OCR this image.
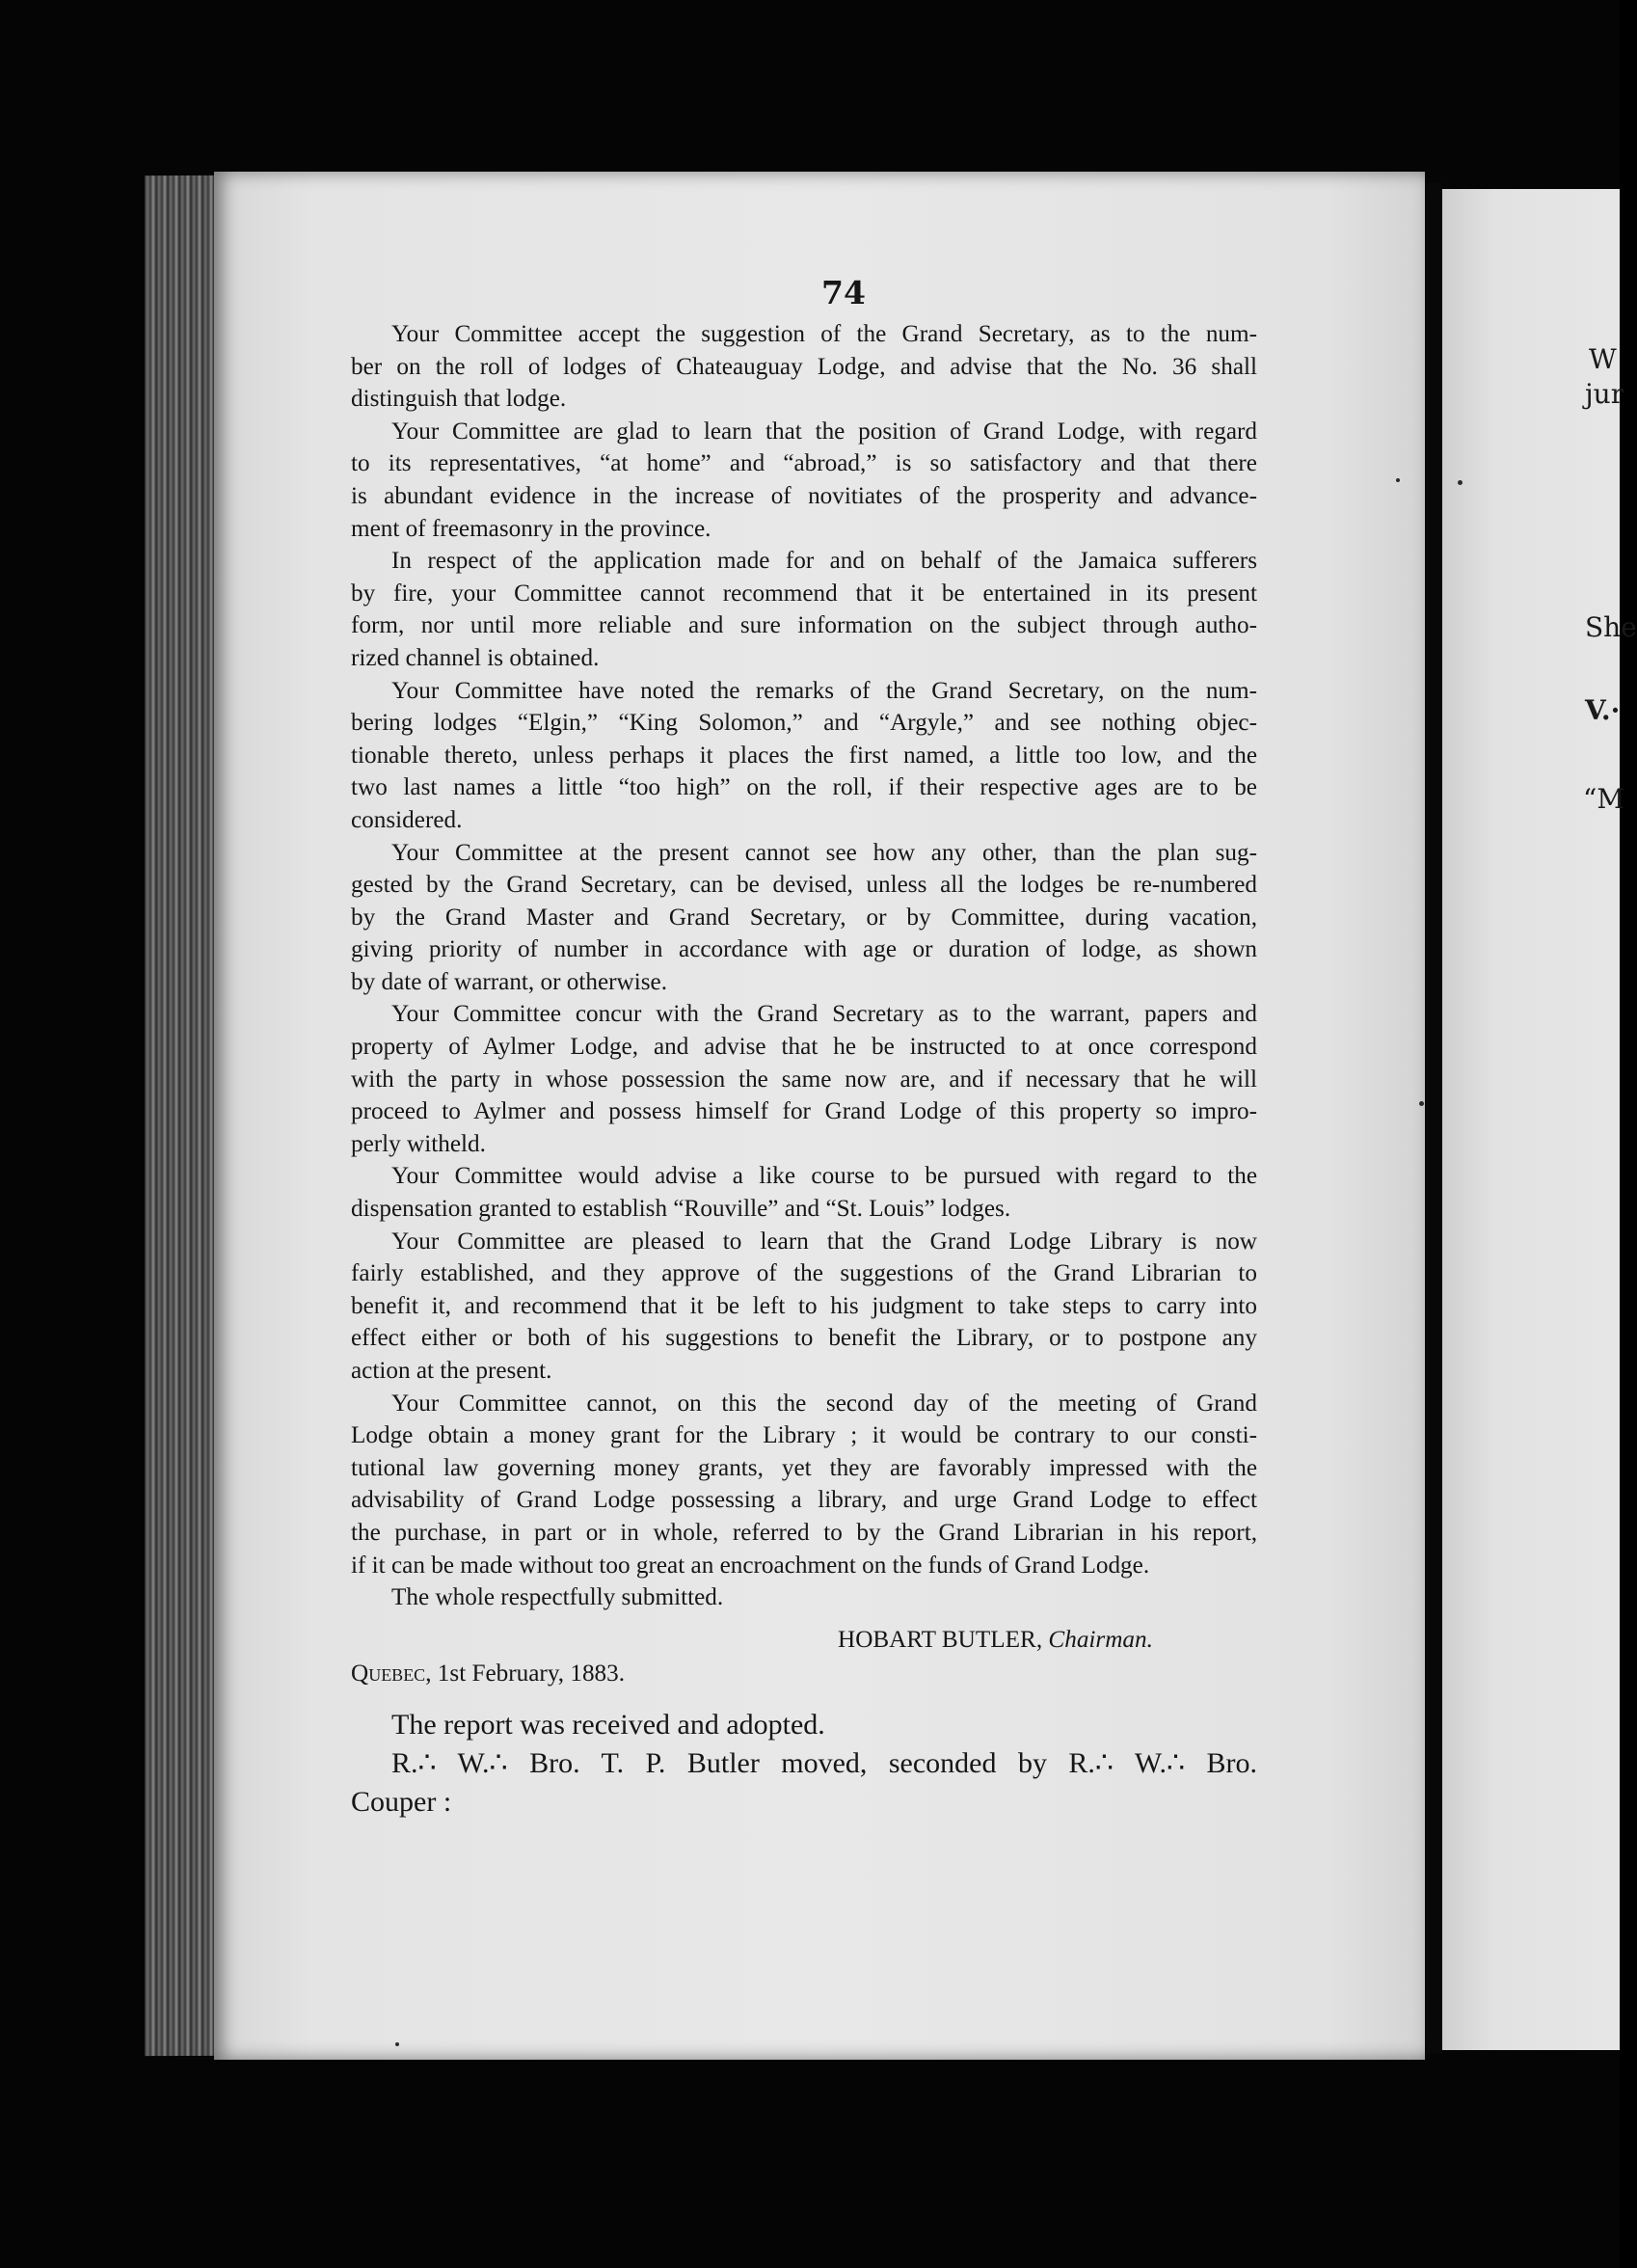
74
Your Committee accept the suggestion of the Grand Secretary, as to the num-
ber on the roll of lodges of Chateauguay Lodge, and advise that the No. 36 shall
distinguish that lodge.
Your Committee are glad to learn that the position of Grand Lodge, with regard
to its representatives, “at home” and “abroad,” is so satisfactory and that there
is abundant evidence in the increase of novitiates of the prosperity and advance-
ment of freemasonry in the province.
In respect of the application made for and on behalf of the Jamaica sufferers
by fire, your Committee cannot recommend that it be entertained in its present
form, nor until more reliable and sure information on the subject through autho-
rized channel is obtained.
Your Committee have noted the remarks of the Grand Secretary, on the num-
bering lodges “Elgin,” “King Solomon,” and “Argyle,” and see nothing objec-
tionable thereto, unless perhaps it places the first named, a little too low, and the
two last names a little “too high” on the roll, if their respective ages are to be
considered.
Your Committee at the present cannot see how any other, than the plan sug-
gested by the Grand Secretary, can be devised, unless all the lodges be re-numbered
by the Grand Master and Grand Secretary, or by Committee, during vacation,
giving priority of number in accordance with age or duration of lodge, as shown
by date of warrant, or otherwise.
Your Committee concur with the Grand Secretary as to the warrant, papers and
property of Aylmer Lodge, and advise that he be instructed to at once correspond
with the party in whose possession the same now are, and if necessary that he will
proceed to Aylmer and possess himself for Grand Lodge of this property so impro-
perly witheld.
Your Committee would advise a like course to be pursued with regard to the
dispensation granted to establish “Rouville” and “St. Louis” lodges.
Your Committee are pleased to learn that the Grand Lodge Library is now
fairly established, and they approve of the suggestions of the Grand Librarian to
benefit it, and recommend that it be left to his judgment to take steps to carry into
effect either or both of his suggestions to benefit the Library, or to postpone any
action at the present.
Your Committee cannot, on this the second day of the meeting of Grand
Lodge obtain a money grant for the Library ; it would be contrary to our consti-
tutional law governing money grants, yet they are favorably impressed with the
advisability of Grand Lodge possessing a library, and urge Grand Lodge to effect
the purchase, in part or in whole, referred to by the Grand Librarian in his report,
if it can be made without too great an encroachment on the funds of Grand Lodge.
The whole respectfully submitted.
HOBART BUTLER, Chairman.
Quebec, 1st February, 1883.
The report was received and adopted.
R.∴ W.∴ Bro. T. P. Butler moved, seconded by R.∴ W.∴ Bro.
Couper :
W
jur
She
V.·
“M
